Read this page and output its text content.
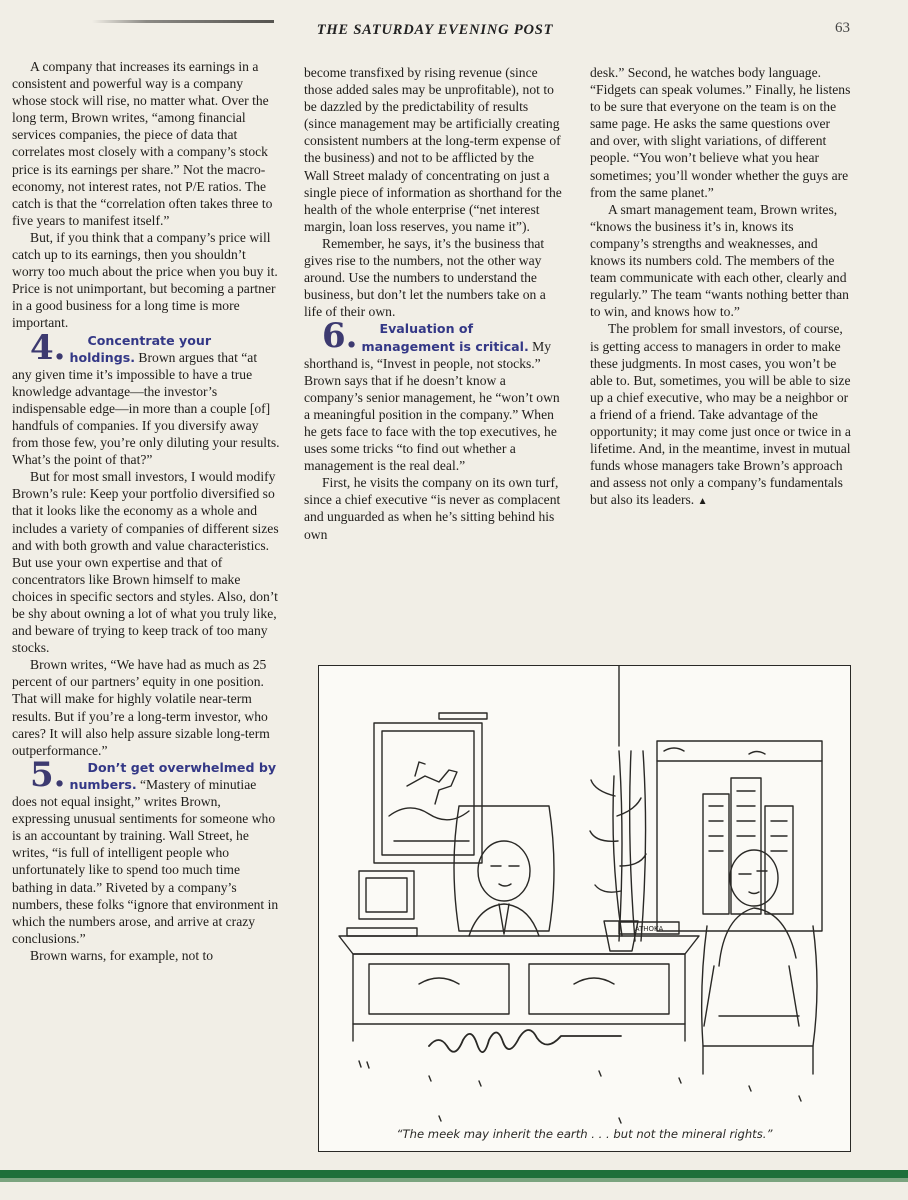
THE SATURDAY EVENING POST	63

A company that increases its earnings in a consistent and powerful way is a company whose stock will rise, no matter what. Over the long term, Brown writes, “among financial services companies, the piece of data that correlates most closely with a company’s stock price is its earnings per share.” Not the macro-economy, not interest rates, not P/E ratios. The catch is that the “correlation often takes three to five years to manifest itself.”

But, if you think that a company’s price will catch up to its earnings, then you shouldn’t worry too much about the price when you buy it. Price is not unimportant, but becoming a partner in a good business for a long time is more important.

4. Concentrate your holdings. Brown argues that “at any given time it’s impossible to have a true knowledge advantage—the investor’s indispensable edge—in more than a couple [of] handfuls of companies. If you diversify away from those few, you’re only diluting your results. What’s the point of that?”

But for most small investors, I would modify Brown’s rule: Keep your portfolio diversified so that it looks like the economy as a whole and includes a variety of companies of different sizes and with both growth and value characteristics. But use your own expertise and that of concentrators like Brown himself to make choices in specific sectors and styles. Also, don’t be shy about owning a lot of what you truly like, and beware of trying to keep track of too many stocks.

Brown writes, “We have had as much as 25 percent of our partners’ equity in one position. That will make for highly volatile near-term results. But if you’re a long-term investor, who cares? It will also help assure sizable long-term outperformance.”

5. Don’t get overwhelmed by numbers. “Mastery of minutiae does not equal insight,” writes Brown, expressing unusual sentiments for someone who is an accountant by training. Wall Street, he writes, “is full of intelligent people who unfortunately like to spend too much time bathing in data.” Riveted by a company’s numbers, these folks “ignore that environment in which the numbers arose, and arrive at crazy conclusions.”

Brown warns, for example, not to

become transfixed by rising revenue (since those added sales may be unprofitable), not to be dazzled by the predictability of results (since management may be artificially creating consistent numbers at the long-term expense of the business) and not to be afflicted by the Wall Street malady of concentrating on just a single piece of information as shorthand for the health of the whole enterprise (“net interest margin, loan loss reserves, you name it”).

Remember, he says, it’s the business that gives rise to the numbers, not the other way around. Use the numbers to understand the business, but don’t let the numbers take on a life of their own.

6. Evaluation of management is critical. My shorthand is, “Invest in people, not stocks.” Brown says that if he doesn’t know a company’s senior management, he “won’t own a meaningful position in the company.” When he gets face to face with the top executives, he uses some tricks “to find out whether a management is the real deal.”

First, he visits the company on its own turf, since a chief executive “is never as complacent and unguarded as when he’s sitting behind his own

desk.” Second, he watches body language. “Fidgets can speak volumes.” Finally, he listens to be sure that everyone on the team is on the same page. He asks the same questions over and over, with slight variations, of different people. “You won’t believe what you hear sometimes; you’ll wonder whether the guys are from the same planet.”

A smart management team, Brown writes, “knows the business it’s in, knows its company’s strengths and weaknesses, and knows its numbers cold. The members of the team communicate with each other, clearly and regularly.” The team “wants nothing better than to win, and knows how to.”

The problem for small investors, of course, is getting access to managers in order to make these judgments. In most cases, you won’t be able to. But, sometimes, you will be able to size up a chief executive, who may be a neighbor or a friend of a friend. Take advantage of the opportunity; it may come just once or twice in a lifetime. And, in the meantime, invest in mutual funds whose managers take Brown’s approach and assess not only a company’s fundamentals but also its leaders. ▲

ATHOKA
“The meek may inherit the earth . . . but not the mineral rights.”
